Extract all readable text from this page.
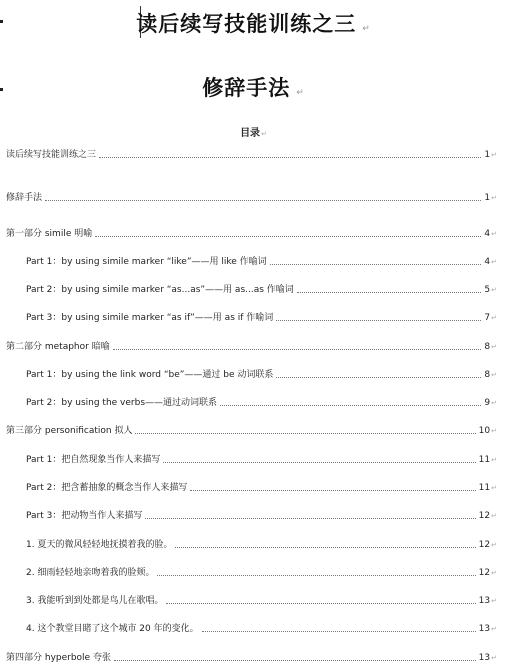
读后续写技能训练之三 ↵
修辞手法 ↵
目录↵
读后续写技能训练之三	1 ↵
修辞手法	1 ↵
第一部分 simile 明喻	4 ↵
Part 1：by using simile marker “like”——用 like 作喻词	4 ↵
Part 2：by using simile marker “as...as”——用 as...as 作喻词	5 ↵
Part 3：by using simile marker “as if”——用 as if 作喻词	7 ↵
第二部分 metaphor 暗喻	8 ↵
Part 1：by using the link word “be”——通过 be 动词联系	8 ↵
Part 2：by using the verbs——通过动词联系	9 ↵
第三部分 personification 拟人	10 ↵
Part 1：把自然现象当作人来描写	11 ↵
Part 2：把含蓄抽象的概念当作人来描写	11 ↵
Part 3：把动物当作人来描写	12 ↵
1. 夏天的微风轻轻地抚摸着我的脸。	12 ↵
2. 细雨轻轻地亲吻着我的脸颊。	12 ↵
3. 我能听到到处都是鸟儿在歌唱。	13 ↵
4. 这个教堂目睹了这个城市 20 年的变化。	13 ↵
第四部分 hyperbole 夸张	13 ↵
